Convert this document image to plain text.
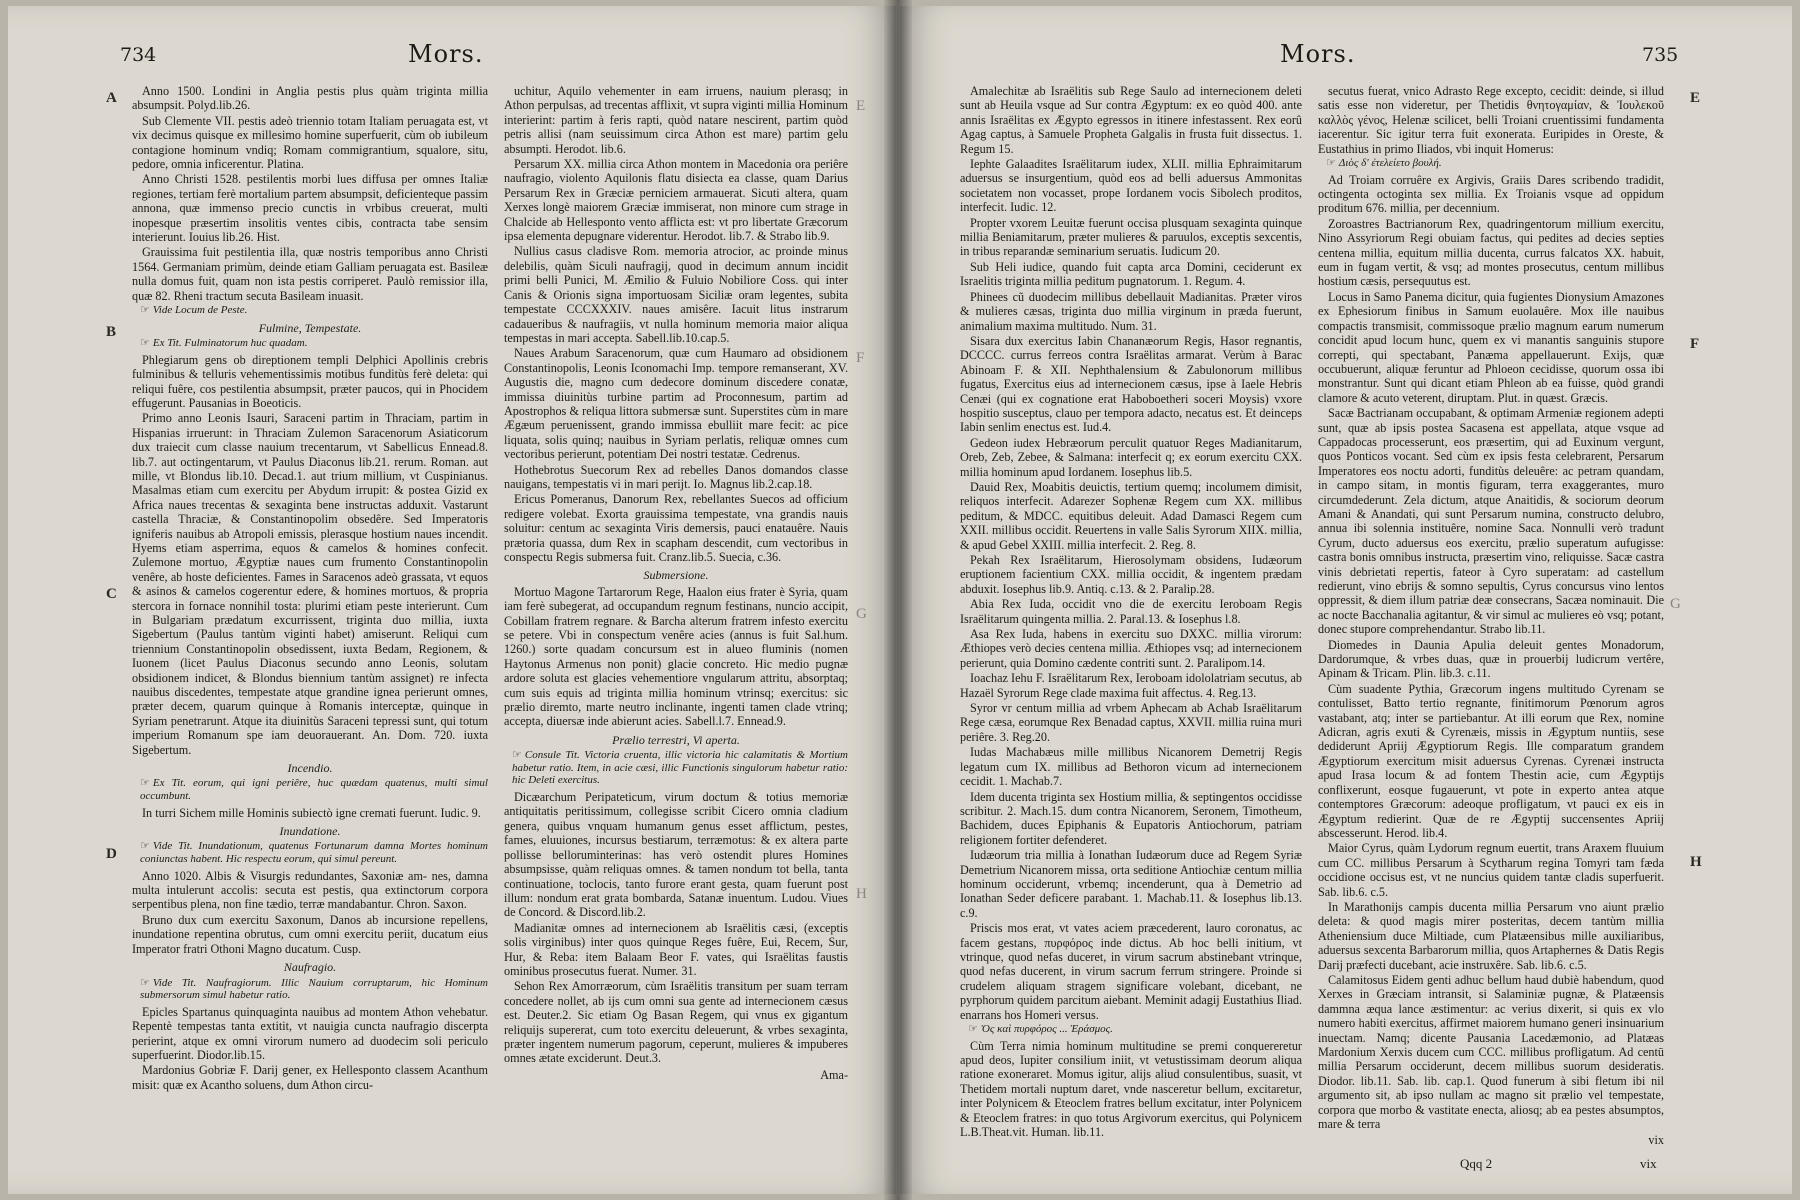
734	Mors.
A
B
C
D
E
F
G
H

Anno 1500. Londini in Anglia pestis plus quàm triginta millia absumpsit. Polyd.lib.26.

Sub Clemente VII. pestis adeò triennio totam Italiam peruagata est, vt vix decimus quisque ex millesimo homine superfuerit, cùm ob iubileum contagione hominum vndiq; Romam commigrantium, squalore, situ, pedore, omnia inficerentur. Platina.

Anno Christi 1528. pestilentis morbi lues diffusa per omnes Italiæ regiones, tertiam ferè mortalium partem absumpsit, deficienteque passim annona, quæ immenso precio cunctis in vrbibus creuerat, multi inopesque præsertim insolitis ventes cibis, contracta tabe sensim interierunt. Iouius lib.26. Hist.

Grauissima fuit pestilentia illa, quæ nostris temporibus anno Christi 1564. Germaniam primùm, deinde etiam Galliam peruagata est. Basileæ nulla domus fuit, quam non ista pestis corriperet. Paulò remissior illa, quæ 82. Rheni tractum secuta Basileam inuasit.

☞ Vide Locum de Peste.

Fulmine, Tempestate.

☞ Ex Tit. Fulminatorum huc quadam.

Phlegiarum gens ob direptionem templi Delphici Apollinis crebris fulminibus & telluris vehementissimis motibus funditùs ferè deleta: qui reliqui fuêre, cos pestilentia absumpsit, præter paucos, qui in Phocidem effugerunt. Pausanias in Boeoticis.

Primo anno Leonis Isauri, Saraceni partim in Thraciam, partim in Hispanias irruerunt: in Thraciam Zulemon Saracenorum Asiaticorum dux traiecit cum classe nauium trecentarum, vt Sabellicus Ennead.8. lib.7. aut octingentarum, vt Paulus Diaconus lib.21. rerum. Roman. aut mille, vt Blondus lib.10. Decad.1. aut trium millium, vt Cuspinianus. Masalmas etiam cum exercitu per Abydum irrupit: & postea Gizid ex Africa naues trecentas & sexaginta bene instructas adduxit. Vastarunt castella Thraciæ, & Constantinopolim obsedêre. Sed Imperatoris igniferis nauibus ab Atropoli emissis, plerasque hostium naues incendit. Hyems etiam asperrima, equos & camelos & homines confecit. Zulemone mortuo, Ægyptiæ naues cum frumento Constantinopolin venêre, ab hoste deficientes. Fames in Saracenos adeò grassata, vt equos & asinos & camelos cogerentur edere, & homines mortuos, & propria stercora in fornace nonnihil tosta: plurimi etiam peste interierunt. Cum in Bulgariam prædatum excurrissent, triginta duo millia, iuxta Sigebertum (Paulus tantùm viginti habet) amiserunt. Reliqui cum triennium Constantinopolin obsedissent, iuxta Bedam, Regionem, & Iuonem (licet Paulus Diaconus secundo anno Leonis, solutam obsidionem indicet, & Blondus biennium tantùm assignet) re infecta nauibus discedentes, tempestate atque grandine ignea perierunt omnes, præter decem, quarum quinque à Romanis interceptæ, quinque in Syriam penetrarunt. Atque ita diuinitùs Saraceni tepressi sunt, qui totum imperium Romanum spe iam deuorauerant. An. Dom. 720. iuxta Sigebertum.

Incendio.

☞ Ex Tit. eorum, qui igni periêre, huc quædam quatenus, multi simul occumbunt.

In turri Sichem mille Hominis subiectò igne cremati fuerunt. Iudic. 9.

Inundatione.

☞ Vide Tit. Inundationum, quatenus Fortunarum damna Mortes hominum coniunctas habent. Hic respectu eorum, qui simul pereunt.

Anno 1020. Albis & Visurgis redundantes, Saxoniæ am- nes, damna multa intulerunt accolis: secuta est pestis, qua extinctorum corpora serpentibus plena, non fine tædio, terræ mandabantur. Chron. Saxon.

Bruno dux cum exercitu Saxonum, Danos ab incursione repellens, inundatione repentina obrutus, cum omni exercitu periit, ducatum eius Imperator fratri Othoni Magno ducatum. Cusp.

Naufragio.

☞ Vide Tit. Naufragiorum. Illic Nauium corruptarum, hic Hominum submersorum simul habetur ratio.

Epicles Spartanus quinquaginta nauibus ad montem Athon vehebatur. Repentè tempestas tanta extitit, vt nauigia cuncta naufragio discerpta perierint, atque ex omni virorum numero ad duodecim soli periculo superfuerint. Diodor.lib.15.

Mardonius Gobriæ F. Darij gener, ex Hellesponto classem Acanthum misit: quæ ex Acantho soluens, dum Athon circu-

uchitur, Aquilo vehementer in eam irruens, nauium plerasq; in Athon perpulsas, ad trecentas afflixit, vt supra viginti millia Hominum interierint: partim à feris rapti, quòd natare nescirent, partim quòd petris allisi (nam seuissimum circa Athon est mare) partim gelu absumpti. Herodot. lib.6.

Persarum XX. millia circa Athon montem in Macedonia ora periêre naufragio, violento Aquilonis flatu disiecta ea classe, quam Darius Persarum Rex in Græciæ perniciem armauerat. Sicuti altera, quam Xerxes longè maiorem Græciæ immiserat, non minore cum strage in Chalcide ab Hellesponto vento afflicta est: vt pro libertate Græcorum ipsa elementa depugnare viderentur. Herodot. lib.7. & Strabo lib.9.

Nullius casus cladisve Rom. memoria atrocior, ac proinde minus delebilis, quàm Siculi naufragij, quod in decimum annum incidit primi belli Punici, M. Æmilio & Fuluio Nobiliore Coss. qui inter Canis & Orionis signa importuosam Siciliæ oram legentes, subita tempestate CCCXXXIV. naues amisêre. Iacuit litus instrarum cadaueribus & naufragiis, vt nulla hominum memoria maior aliqua tempestas in mari accepta. Sabell.lib.10.cap.5.

Naues Arabum Saracenorum, quæ cum Haumaro ad obsidionem Constantinopolis, Leonis Iconomachi Imp. tempore remanserant, XV. Augustis die, magno cum dedecore dominum discedere conatæ, immissa diuinitùs turbine partim ad Proconnesum, partim ad Apostrophos & reliqua littora submersæ sunt. Superstites cùm in mare Ægæum peruenissent, grando immissa ebulliit mare fecit: ac pice liquata, solis quinq; nauibus in Syriam perlatis, reliquæ omnes cum vectoribus perierunt, potentiam Dei nostri testatæ. Cedrenus.

Hothebrotus Suecorum Rex ad rebelles Danos domandos classe nauigans, tempestatis vi in mari perijt. Io. Magnus lib.2.cap.18.

Ericus Pomeranus, Danorum Rex, rebellantes Suecos ad officium redigere volebat. Exorta grauissima tempestate, vna grandis nauis soluitur: centum ac sexaginta Viris demersis, pauci enatauêre. Nauis prætoria quassa, dum Rex in scapham descendit, cum vectoribus in conspectu Regis submersa fuit. Cranz.lib.5. Suecia, c.36.

Submersione.

Mortuo Magone Tartarorum Rege, Haalon eius frater è Syria, quam iam ferè subegerat, ad occupandum regnum festinans, nuncio accipit, Cobillam fratrem regnare. & Barcha alterum fratrem infesto exercitu se petere. Vbi in conspectum venêre acies (annus is fuit Sal.hum. 1260.) sorte quadam concursum est in alueo fluminis (nomen Haytonus Armenus non ponit) glacie concreto. Hic medio pugnæ ardore soluta est glacies vehementiore vngularum attritu, absorptaq; cum suis equis ad triginta millia hominum vtrinsq; exercitus: sic prælio diremto, marte neutro inclinante, ingenti tamen clade vtrinq; accepta, diuersæ inde abierunt acies. Sabell.l.7. Ennead.9.

Prælio terrestri, Vi aperta.

☞ Consule Tit. Victoria cruenta, illic victoria hic calamitatis & Mortium habetur ratio. Item, in acie cæsi, illic Functionis singulorum habetur ratio: hic Deleti exercitus.

Dicæarchum Peripateticum, virum doctum & totius memoriæ antiquitatis peritissimum, collegisse scribit Cicero omnia cladium genera, quibus vnquam humanum genus esset afflictum, pestes, fames, eluuiones, incursus bestiarum, terræmotus: & ex altera parte pollisse belloruminterinas: has verò ostendit plures Homines absumpsisse, quàm reliquas omnes. & tamen nondum tot bella, tanta continuatione, toclocis, tanto furore erant gesta, quam fuerunt post illum: nondum erat grata bombarda, Satanæ inuentum. Ludou. Viues de Concord. & Discord.lib.2.

Madianitæ omnes ad internecionem ab Israëlitis cæsi, (exceptis solis virginibus) inter quos quinque Reges fuêre, Eui, Recem, Sur, Hur, & Reba: item Balaam Beor F. vates, qui Israëlitas faustis ominibus prosecutus fuerat. Numer. 31.

Sehon Rex Amorræorum, cùm Israëlitis transitum per suam terram concedere nollet, ab ijs cum omni sua gente ad internecionem cæsus est. Deuter.2. Sic etiam Og Basan Regem, qui vnus ex gigantum reliquijs supererat, cum toto exercitu deleuerunt, & vrbes sexaginta, præter ingentem numerum pagorum, ceperunt, mulieres & impuberes omnes ætate exciderunt. Deut.3.

Ama-

Mors.	735
E
F
G
H

Amalechitæ ab Israëlitis sub Rege Saulo ad internecionem deleti sunt ab Heuila vsque ad Sur contra Ægyptum: ex eo quòd 400. ante annis Israëlitas ex Ægypto egressos in itinere infestassent. Rex eorû Agag captus, à Samuele Propheta Galgalis in frusta fuit dissectus. 1. Regum 15.

Iephte Galaadites Israëlitarum iudex, XLII. millia Ephraimitarum aduersus se insurgentium, quòd eos ad belli aduersus Ammonitas societatem non vocasset, prope Iordanem vocis Sibolech proditos, interfecit. Iudic. 12.

Propter vxorem Leuitæ fuerunt occisa plusquam sexaginta quinque millia Beniamitarum, præter mulieres & paruulos, exceptis sexcentis, in tribus reparandæ seminarium seruatis. Iudicum 20.

Sub Heli iudice, quando fuit capta arca Domini, ceciderunt ex Israelitis triginta millia peditum pugnatorum. 1. Regum. 4.

Phinees cũ duodecim millibus debellauit Madianitas. Præter viros & mulieres cæsas, triginta duo millia virginum in præda fuerunt, animalium maxima multitudo. Num. 31.

Sisara dux exercitus Iabin Chananæorum Regis, Hasor regnantis, DCCCC. currus ferreos contra Israëlitas armarat. Verùm à Barac Abinoam F. & XII. Nephthalensium & Zabulonorum millibus fugatus, Exercitus eius ad internecionem cæsus, ipse à Iaele Hebris Cenæi (qui ex cognatione erat Haboboetheri soceri Moysis) vxore hospitio susceptus, clauo per tempora adacto, necatus est. Et deinceps Iabin senlim enectus est. Iud.4.

Gedeon iudex Hebræorum perculit quatuor Reges Madianitarum, Oreb, Zeb, Zebee, & Salmana: interfecit q; ex eorum exercitu CXX. millia hominum apud Iordanem. Iosephus lib.5.

Dauid Rex, Moabitis deuictis, tertium quemq; incolumem dimisit, reliquos interfecit. Adarezer Sophenæ Regem cum XX. millibus peditum, & MDCC. equitibus deleuit. Adad Damasci Regem cum XXII. millibus occidit. Reuertens in valle Salis Syrorum XIIX. millia, & apud Gebel XXIII. millia interfecit. 2. Reg. 8.

Pekah Rex Israëlitarum, Hierosolymam obsidens, Iudæorum eruptionem facientium CXX. millia occidit, & ingentem prædam abduxit. Iosephus lib.9. Antiq. c.13. & 2. Paralip.28.

Abia Rex Iuda, occidit vno die de exercitu Ieroboam Regis Israëlitarum quingenta millia. 2. Paral.13. & Iosephus l.8.

Asa Rex Iuda, habens in exercitu suo DXXC. millia virorum: Æthiopes verò decies centena millia. Æthiopes vsq; ad internecionem perierunt, quia Domino cædente contriti sunt. 2. Paralipom.14.

Ioachaz Iehu F. Israëlitarum Rex, Ieroboam idololatriam secutus, ab Hazaël Syrorum Rege clade maxima fuit affectus. 4. Reg.13.

Syror vr centum millia ad vrbem Aphecam ab Achab Israëlitarum Rege cæsa, eorumque Rex Benadad captus, XXVII. millia ruina muri periêre. 3. Reg.20.

Iudas Machabæus mille millibus Nicanorem Demetrij Regis legatum cum IX. millibus ad Bethoron vicum ad internecionem cecidit. 1. Machab.7.

Idem ducenta triginta sex Hostium millia, & septingentos occidisse scribitur. 2. Mach.15. dum contra Nicanorem, Seronem, Timotheum, Bachidem, duces Epiphanis & Eupatoris Antiochorum, patriam religionem fortiter defenderet.

Iudæorum tria millia à Ionathan Iudæorum duce ad Regem Syriæ Demetrium Nicanorem missa, orta seditione Antiochiæ centum millia hominum occiderunt, vrbemq; incenderunt, qua à Demetrio ad Ionathan Seder deficere parabant. 1. Machab.11. & Iosephus lib.13. c.9.

Priscis mos erat, vt vates aciem præcederent, lauro coronatus, ac facem gestans, πυρφόρος inde dictus. Ab hoc belli initium, vt vtrinque, quod nefas duceret, in virum sacrum abstinebant vtrinque, quod nefas ducerent, in virum sacrum ferrum stringere. Proinde si crudelem aliquam stragem significare volebant, dicebant, ne pyrphorum quidem parcitum aiebant. Meminit adagij Eustathius Iliad. enarrans hos Homeri versus.

☞ Ὁς καὶ πυρφόρος ... Ἐράσμος.

Cùm Terra nimia hominum multitudine se premi conquereretur apud deos, Iupiter consilium iniit, vt vetustissimam deorum aliqua ratione exoneraret. Momus igitur, alijs aliud consulentibus, suasit, vt Thetidem mortali nuptum daret, vnde nasceretur bellum, excitaretur, inter Polynicem & Eteoclem fratres bellum excitatur, inter Polynicem & Eteoclem fratres: in quo totus Argivorum exercitus, qui Polynicem L.B.Theat.vit. Human. lib.11.

secutus fuerat, vnico Adrasto Rege excepto, cecidit: deinde, si illud satis esse non videretur, per Thetidis θνητογαμίαν, & Ἰουλεκοῦ καλλὸς γένος, Helenæ scilicet, belli Troiani cruentissimi fundamenta iacerentur. Sic igitur terra fuit exonerata. Euripides in Oreste, & Eustathius in primo Iliados, vbi inquit Homerus:

☞ Διὸς δ' ἐτελείετο βουλή.

Ad Troiam corruêre ex Argivis, Graiis Dares scribendo tradidit, octingenta octoginta sex millia. Ex Troianis vsque ad oppidum proditum 676. millia, per decennium.

Zoroastres Bactrianorum Rex, quadringentorum millium exercitu, Nino Assyriorum Regi obuiam factus, qui pedites ad decies septies centena millia, equitum millia ducenta, currus falcatos XX. habuit, eum in fugam vertit, & vsq; ad montes prosecutus, centum millibus hostium cæsis, persequutus est.

Locus in Samo Panema dicitur, quia fugientes Dionysium Amazones ex Ephesiorum finibus in Samum euolauêre. Mox ille nauibus compactis transmisit, commissoque prælio magnum earum numerum concidit apud locum hunc, quem ex vi manantis sanguinis stupore correpti, qui spectabant, Panæma appellauerunt. Exijs, quæ occubuerunt, aliquæ feruntur ad Phloeon cecidisse, quorum ossa ibi monstrantur. Sunt qui dicant etiam Phleon ab ea fuisse, quòd grandi clamore & acuto veterent, diruptam. Plut. in quæst. Græcis.

Sacæ Bactrianam occupabant, & optimam Armeniæ regionem adepti sunt, quæ ab ipsis postea Sacasena est appellata, atque vsque ad Cappadocas processerunt, eos præsertim, qui ad Euxinum vergunt, quos Ponticos vocant. Sed cùm ex ipsis festa celebrarent, Persarum Imperatores eos noctu adorti, funditùs deleuêre: ac petram quandam, in campo sitam, in montis figuram, terra exaggerantes, muro circumdederunt. Zela dictum, atque Anaitidis, & sociorum deorum Amani & Anandati, qui sunt Persarum numina, constructo delubro, annua ibi solennia instituêre, nomine Saca. Nonnulli verò tradunt Cyrum, ducto aduersus eos exercitu, prælio superatum aufugisse: castra bonis omnibus instructa, præsertim vino, reliquisse. Sacæ castra vinis debrietati repertis, fateor à Cyro superatam: ad castellum redierunt, vino ebrijs & somno sepultis, Cyrus concursus vino lentos oppressit, & diem illum patriæ deæ consecrans, Sacæa nominauit. Die ac nocte Bacchanalia agitantur, & vir simul ac mulieres eò vsq; potant, donec stupore comprehendantur. Strabo lib.11.

Diomedes in Daunia Apulia deleuit gentes Monadorum, Dardorumque, & vrbes duas, quæ in prouerbij ludicrum vertêre, Apinam & Tricam. Plin. lib.3. c.11.

Cùm suadente Pythia, Græcorum ingens multitudo Cyrenam se contulisset, Batto tertio regnante, finitimorum Pœnorum agros vastabant, atq; inter se partiebantur. At illi eorum que Rex, nomine Adicran, agris exuti & Cyrenæis, missis in Ægyptum nuntiis, sese dediderunt Apriij Ægyptiorum Regis. Ille comparatum grandem Ægyptiorum exercitum misit aduersus Cyrenas. Cyrenæi instructa apud Irasa locum & ad fontem Thestin acie, cum Ægyptijs conflixerunt, eosque fugauerunt, vt pote in experto antea atque contemptores Græcorum: adeoque profligatum, vt pauci ex eis in Ægyptum redierint. Quæ de re Ægyptij succensentes Apriij abscesserunt. Herod. lib.4.

Maior Cyrus, quàm Lydorum regnum euertit, trans Araxem fluuium cum CC. millibus Persarum à Scytharum regina Tomyri tam fæda occidione occisus est, vt ne nuncius quidem tantæ cladis superfuerit. Sab. lib.6. c.5.

In Marathonijs campis ducenta millia Persarum vno aiunt prælio deleta: & quod magis mirer posteritas, decem tantùm millia Atheniensium duce Miltiade, cum Platæensibus mille auxiliaribus, aduersus sexcenta Barbarorum millia, quos Artaphernes & Datis Regis Darij præfecti ducebant, acie instruxêre. Sab. lib.6. c.5.

Calamitosus Eidem genti adhuc bellum haud dubiè habendum, quod Xerxes in Græciam intransit, si Salaminiæ pugnæ, & Platæensis dammna æqua lance æstimentur: ac verius dixerit, si quis ex vlo numero habiti exercitus, affirmet maiorem humano generi insinuarium inuectam. Namq; dicente Pausania Lacedæmonio, ad Platæas Mardonium Xerxis ducem cum CCC. millibus profligatum. Ad centū millia Persarum occiderunt, decem millibus suorum desideratis. Diodor. lib.11. Sab. lib. cap.1. Quod funerum à sibi fletum ibi nil argumento sit, ab ipso nullam ac magno sit prælio vel tempestate, corpora que morbo & vastitate enecta, aliosq; ab ea pestes absumptos, mare & terra

vix

Qqq 2	vix
